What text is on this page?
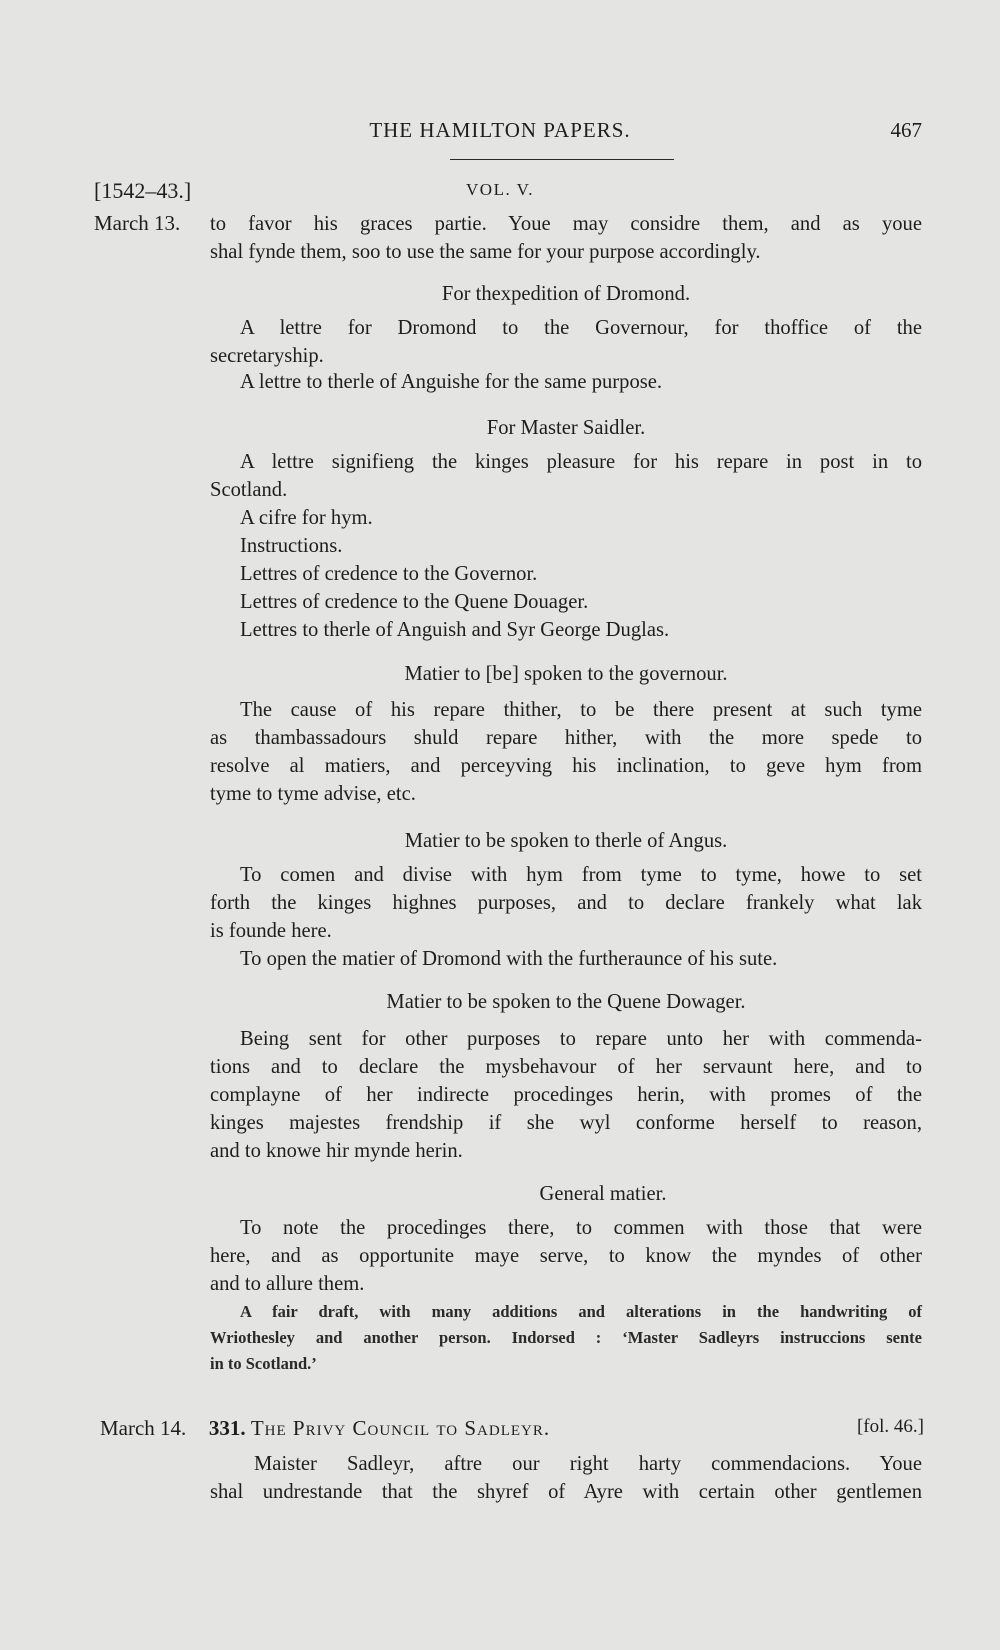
THE HAMILTON PAPERS.	467
[1542–43.]	VOL. V.
March 13. to favor his graces partie. Youe may considre them, and as youe

shal fynde them, soo to use the same for your purpose accordingly.

For thexpedition of Dromond.

A lettre for Dromond to the Governour, for thoffice of the

secretaryship.

A lettre to therle of Anguishe for the same purpose.

For Master Saidler.

A lettre signifieng the kinges pleasure for his repare in post in to

Scotland.

A cifre for hym.

Instructions.

Lettres of credence to the Governor.

Lettres of credence to the Quene Douager.

Lettres to therle of Anguish and Syr George Duglas.

Matier to [be] spoken to the governour.

The cause of his repare thither, to be there present at such tyme

as thambassadours shuld repare hither, with the more spede to

resolve al matiers, and perceyving his inclination, to geve hym from

tyme to tyme advise, etc.

Matier to be spoken to therle of Angus.

To comen and divise with hym from tyme to tyme, howe to set

forth the kinges highnes purposes, and to declare frankely what lak

is founde here.

To open the matier of Dromond with the furtheraunce of his sute.

Matier to be spoken to the Quene Dowager.

Being sent for other purposes to repare unto her with commenda-

tions and to declare the mysbehavour of her servaunt here, and to

complayne of her indirecte procedinges herin, with promes of the

kinges majestes frendship if she wyl conforme herself to reason,

and to knowe hir mynde herin.

General matier.

To note the procedinges there, to commen with those that were

here, and as opportunite maye serve, to know the myndes of other

and to allure them.

A fair draft, with many additions and alterations in the handwriting of

Wriothesley and another person. Indorsed : ‘Master Sadleyrs instruccions sente

in to Scotland.’

March 14. 331. The Privy Council to Sadleyr.	[fol. 46.]

Maister Sadleyr, aftre our right harty commendacions. Youe

shal undrestande that the shyref of Ayre with certain other gentlemen
